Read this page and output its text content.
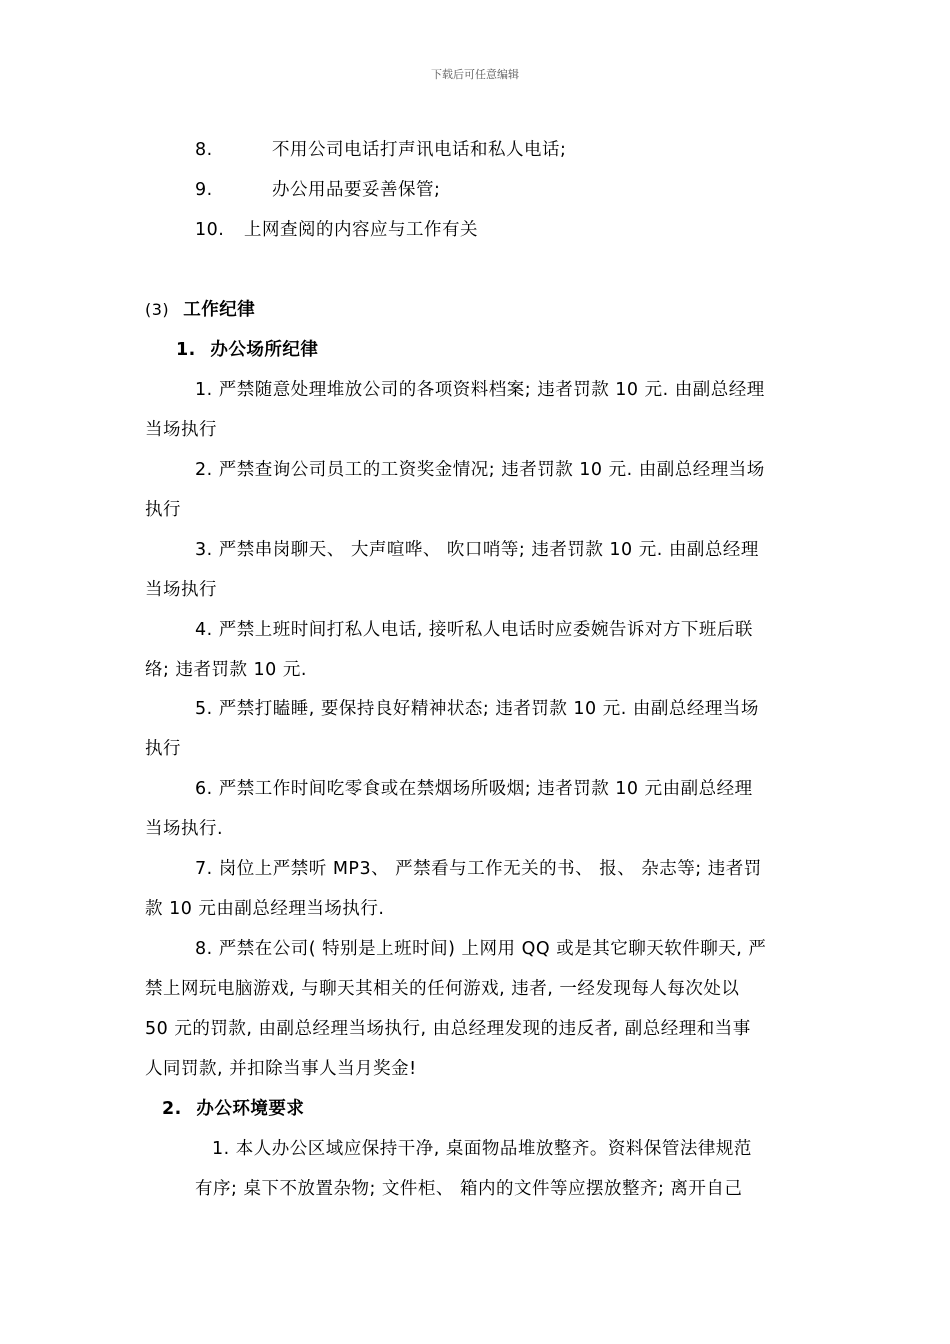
下载后可任意编辑
8.	不用公司电话打声讯电话和私人电话;
9.	办公用品要妥善保管;
10. 上网查阅的内容应与工作有关
(3) 工作纪律
1. 办公场所纪律
1. 严禁随意处理堆放公司的各项资料档案; 违者罚款 10 元. 由副总经理
当场执行
2. 严禁查询公司员工的工资奖金情况; 违者罚款 10 元. 由副总经理当场
执行
3. 严禁串岗聊天、 大声喧哗、 吹口哨等; 违者罚款 10 元. 由副总经理
当场执行
4. 严禁上班时间打私人电话, 接听私人电话时应委婉告诉对方下班后联
络; 违者罚款 10 元.
5. 严禁打瞌睡, 要保持良好精神状态; 违者罚款 10 元. 由副总经理当场
执行
6. 严禁工作时间吃零食或在禁烟场所吸烟; 违者罚款 10 元由副总经理
当场执行.
7. 岗位上严禁听 MP3、 严禁看与工作无关的书、 报、 杂志等; 违者罚
款 10 元由副总经理当场执行.
8. 严禁在公司( 特别是上班时间) 上网用 QQ 或是其它聊天软件聊天, 严
禁上网玩电脑游戏, 与聊天其相关的任何游戏, 违者, 一经发现每人每次处以
50 元的罚款, 由副总经理当场执行, 由总经理发现的违反者, 副总经理和当事
人同罚款, 并扣除当事人当月奖金!
2. 办公环境要求
1. 本人办公区域应保持干净, 桌面物品堆放整齐。资料保管法律规范
有序; 桌下不放置杂物; 文件柜、 箱内的文件等应摆放整齐; 离开自己
